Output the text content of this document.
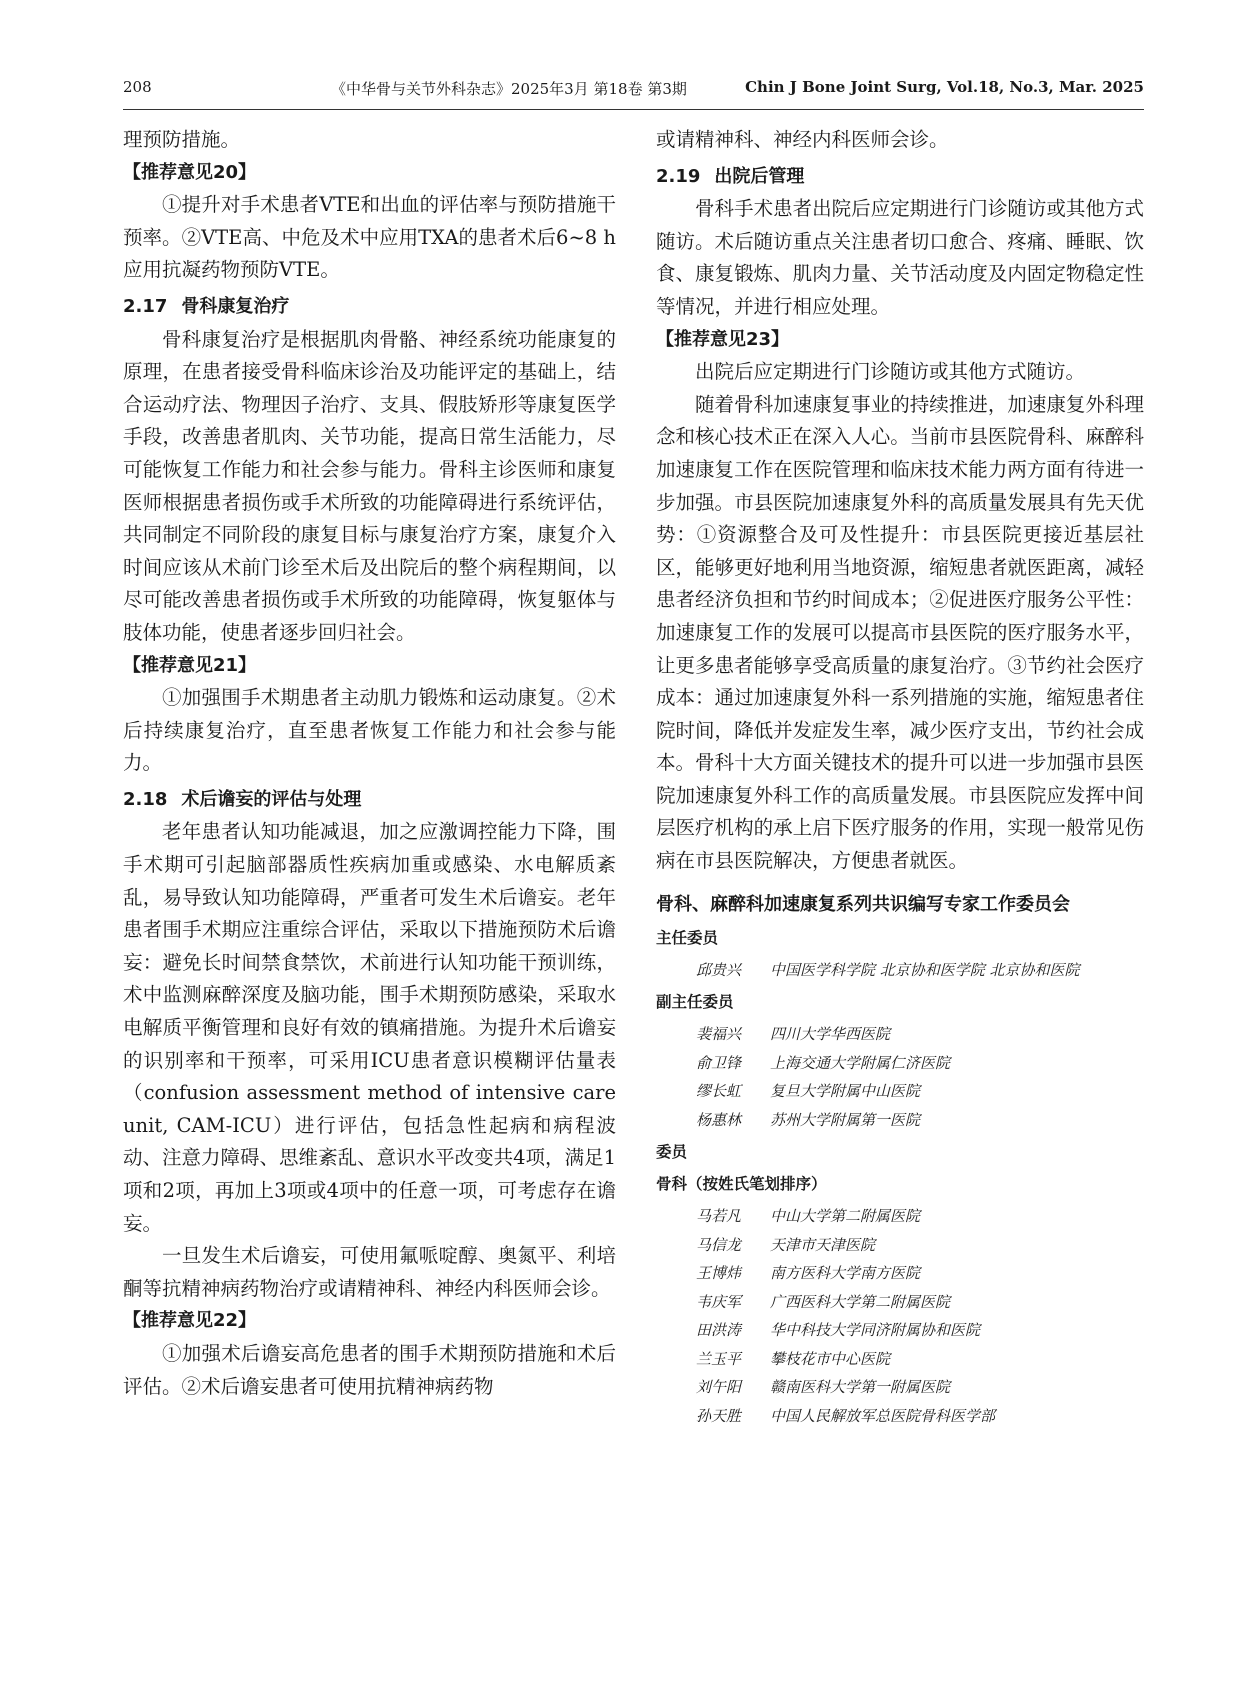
208	《中华骨与关节外科杂志》2025年3月 第18卷 第3期	Chin J Bone Joint Surg, Vol.18, No.3, Mar. 2025

理预防措施。

【推荐意见20】

①提升对手术患者VTE和出血的评估率与预防措施干预率。②VTE高、中危及术中应用TXA的患者术后6~8 h应用抗凝药物预防VTE。

2.17 骨科康复治疗

骨科康复治疗是根据肌肉骨骼、神经系统功能康复的原理，在患者接受骨科临床诊治及功能评定的基础上，结合运动疗法、物理因子治疗、支具、假肢矫形等康复医学手段，改善患者肌肉、关节功能，提高日常生活能力，尽可能恢复工作能力和社会参与能力。骨科主诊医师和康复医师根据患者损伤或手术所致的功能障碍进行系统评估，共同制定不同阶段的康复目标与康复治疗方案，康复介入时间应该从术前门诊至术后及出院后的整个病程期间，以尽可能改善患者损伤或手术所致的功能障碍，恢复躯体与肢体功能，使患者逐步回归社会。

【推荐意见21】

①加强围手术期患者主动肌力锻炼和运动康复。②术后持续康复治疗，直至患者恢复工作能力和社会参与能力。

2.18 术后谵妄的评估与处理

老年患者认知功能减退，加之应激调控能力下降，围手术期可引起脑部器质性疾病加重或感染、水电解质紊乱，易导致认知功能障碍，严重者可发生术后谵妄。老年患者围手术期应注重综合评估，采取以下措施预防术后谵妄：避免长时间禁食禁饮，术前进行认知功能干预训练，术中监测麻醉深度及脑功能，围手术期预防感染，采取水电解质平衡管理和良好有效的镇痛措施。为提升术后谵妄的识别率和干预率，可采用ICU患者意识模糊评估量表（confusion assessment method of intensive care unit, CAM-ICU）进行评估，包括急性起病和病程波动、注意力障碍、思维紊乱、意识水平改变共4项，满足1项和2项，再加上3项或4项中的任意一项，可考虑存在谵妄。

一旦发生术后谵妄，可使用氟哌啶醇、奥氮平、利培酮等抗精神病药物治疗或请精神科、神经内科医师会诊。

【推荐意见22】

①加强术后谵妄高危患者的围手术期预防措施和术后评估。②术后谵妄患者可使用抗精神病药物

或请精神科、神经内科医师会诊。

2.19 出院后管理

骨科手术患者出院后应定期进行门诊随访或其他方式随访。术后随访重点关注患者切口愈合、疼痛、睡眠、饮食、康复锻炼、肌肉力量、关节活动度及内固定物稳定性等情况，并进行相应处理。

【推荐意见23】

出院后应定期进行门诊随访或其他方式随访。

随着骨科加速康复事业的持续推进，加速康复外科理念和核心技术正在深入人心。当前市县医院骨科、麻醉科加速康复工作在医院管理和临床技术能力两方面有待进一步加强。市县医院加速康复外科的高质量发展具有先天优势：①资源整合及可及性提升：市县医院更接近基层社区，能够更好地利用当地资源，缩短患者就医距离，减轻患者经济负担和节约时间成本；②促进医疗服务公平性：加速康复工作的发展可以提高市县医院的医疗服务水平，让更多患者能够享受高质量的康复治疗。③节约社会医疗成本：通过加速康复外科一系列措施的实施，缩短患者住院时间，降低并发症发生率，减少医疗支出，节约社会成本。骨科十大方面关键技术的提升可以进一步加强市县医院加速康复外科工作的高质量发展。市县医院应发挥中间层医疗机构的承上启下医疗服务的作用，实现一般常见伤病在市县医院解决，方便患者就医。

骨科、麻醉科加速康复系列共识编写专家工作委员会

主任委员
邱贵兴 中国医学科学院 北京协和医学院 北京协和医院
副主任委员
裴福兴 四川大学华西医院
俞卫锋 上海交通大学附属仁济医院
缪长虹 复旦大学附属中山医院
杨惠林 苏州大学附属第一医院
委员
骨科（按姓氏笔划排序）
马若凡 中山大学第二附属医院
马信龙 天津市天津医院
王博炜 南方医科大学南方医院
韦庆军 广西医科大学第二附属医院
田洪涛 华中科技大学同济附属协和医院
兰玉平 攀枝花市中心医院
刘午阳 赣南医科大学第一附属医院
孙天胜 中国人民解放军总医院骨科医学部
